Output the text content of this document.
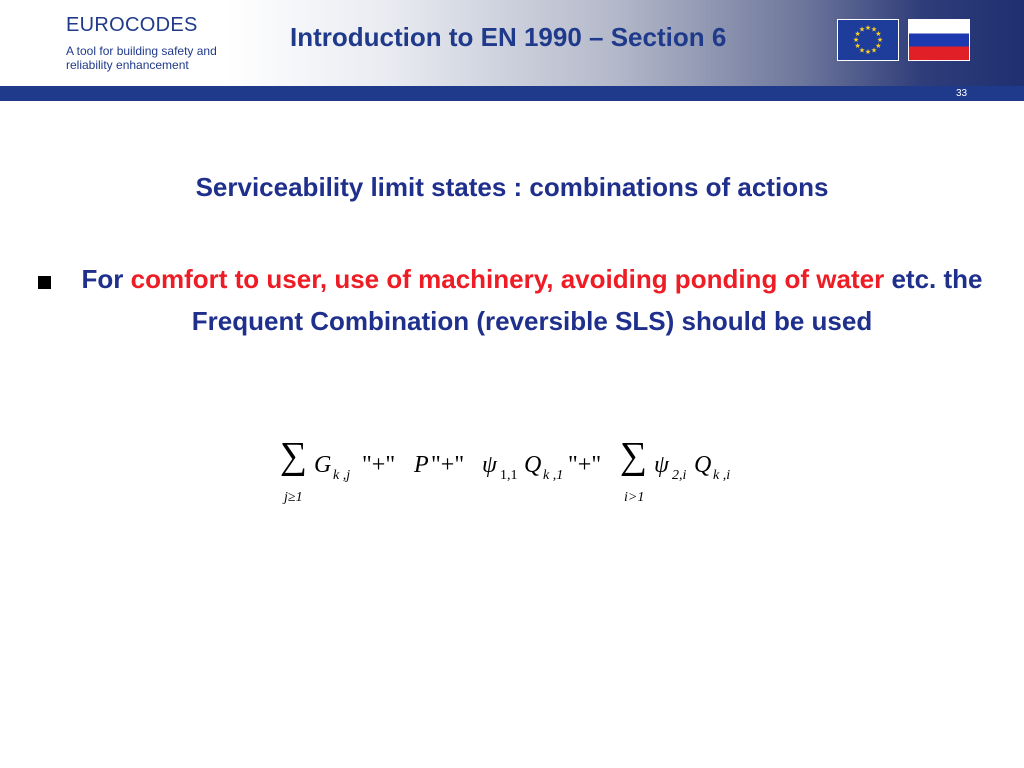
EUROCODES
A tool for building safety and reliability enhancement
Introduction to EN 1990 – Section 6	★ ★
★
★
★
★
★
★
★
★
★
★
33
Serviceability limit states : combinations of actions
For comfort to user, use of machinery, avoiding ponding of water etc. the Frequent Combination (reversible SLS) should be used
∑
j≥1
G k ,j "+" P "+" ψ 1,1 Q k ,1 "+" ∑
i>1
ψ 2,i Q k ,i
